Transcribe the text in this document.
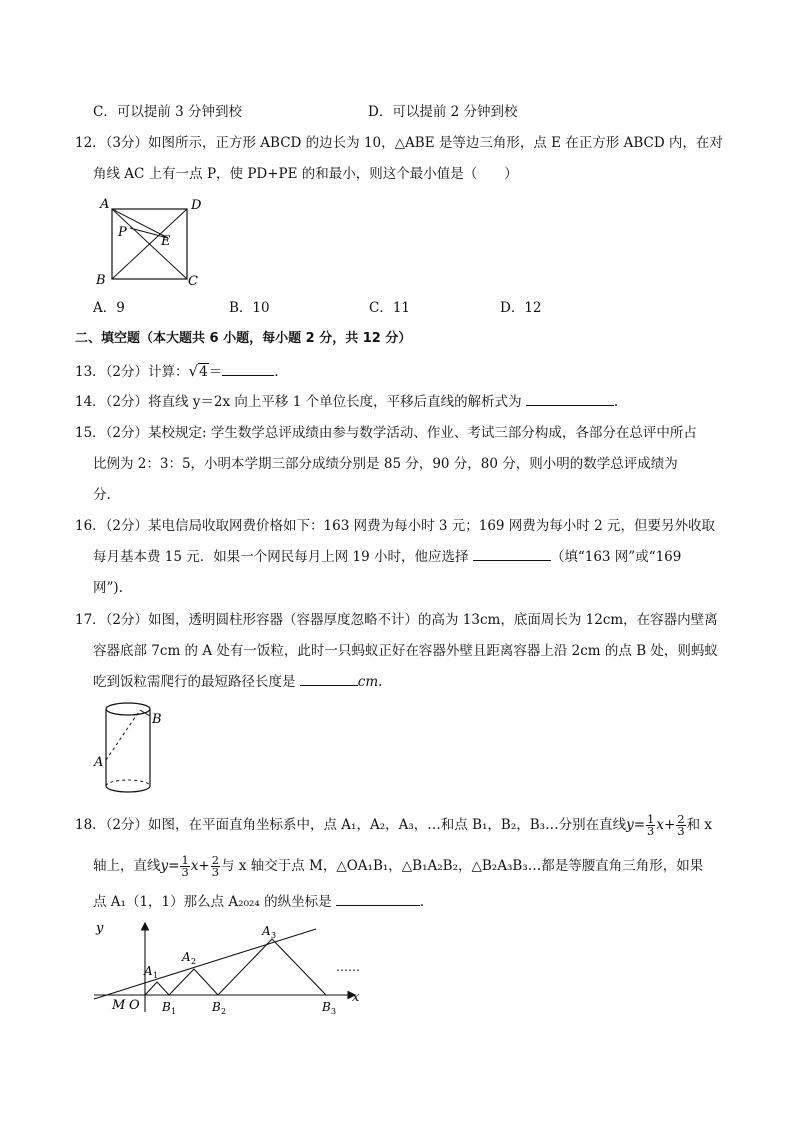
C．可以提前 3 分钟到校	D．可以提前 2 分钟到校
12．（3分）如图所示，正方形 ABCD 的边长为 10，△ABE 是等边三角形，点 E 在正方形 ABCD 内，在对
角线 AC 上有一点 P，使 PD+PE 的和最小，则这个最小值是（　　）
A	D
B	C
P
E
A．9	B．10	C．11	D．12
二、填空题（本大题共 6 小题，每小题 2 分，共 12 分）
13．（2分）计算：√4＝	.
14．（2分）将直线 y＝2x 向上平移 1 个单位长度，平移后直线的解析式为	.
15．（2分）某校规定: 学生数学总评成绩由参与数学活动、作业、考试三部分构成，各部分在总评中所占
比例为 2：3：5，小明本学期三部分成绩分别是 85 分，90 分，80 分，则小明的数学总评成绩为
分.
16．（2分）某电信局收取网费价格如下：163 网费为每小时 3 元；169 网费为每小时 2 元，但要另外收取
每月基本费 15 元．如果一个网民每月上网 19 小时，他应选择	（填“163 网”或“169
网”).
17．（2分）如图，透明圆柱形容器（容器厚度忽略不计）的高为 13cm，底面周长为 12cm，在容器内壁离
容器底部 7cm 的 A 处有一饭粒，此时一只蚂蚁正好在容器外壁且距离容器上沿 2cm 的点 B 处，则蚂蚁
吃到饭粒需爬行的最短路径长度是	cm.
B
A
18．（2分）如图，在平面直角坐标系中，点 A₁，A₂，A₃，…和点 B₁，B₂，B₃…分别在直线$y= \frac{1}{3} x+ \frac{2}{3}$ 和 x
轴上，直线$y= \frac{1}{3} x+ \frac{2}{3}$ 与 x 轴交于点 M，△OA₁B₁，△B₁A₂B₂，△B₂A₃B₃…都是等腰直角三角形，如果
点 A₁（1，1）那么点 A₂₀₂₄ 的纵坐标是	.
y
x
M O
A 1
A 2
A 3
B 1	B 2	B 3
……
